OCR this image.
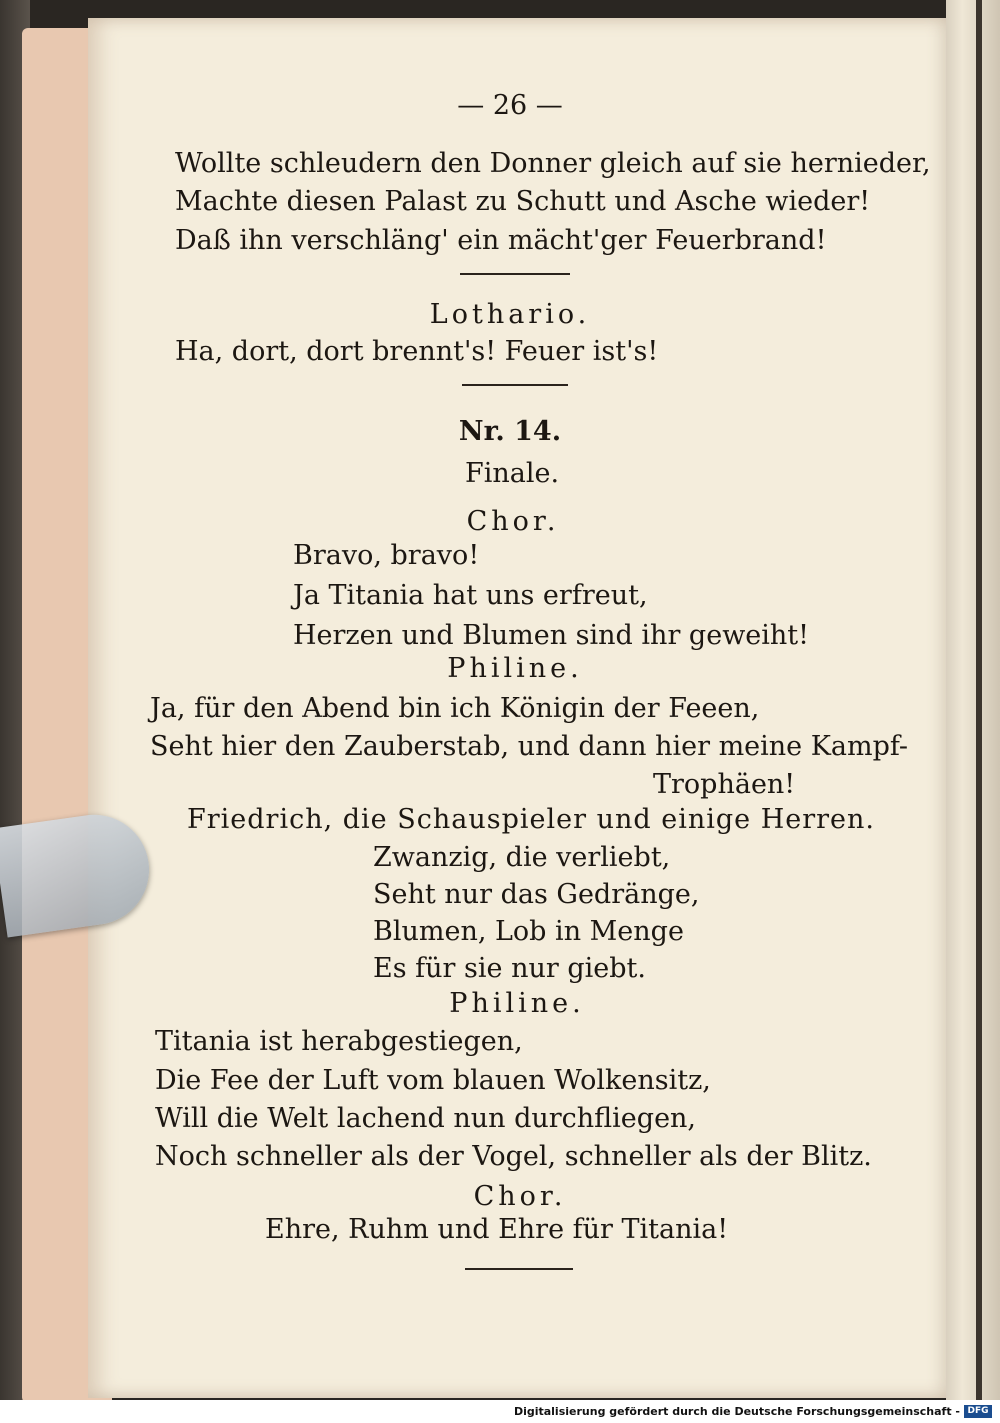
— 26 —
Wollte schleudern den Donner gleich auf sie hernieder,
Machte diesen Palast zu Schutt und Asche wieder!
Daß ihn verschläng' ein mächt'ger Feuerbrand!
Lothario.
Ha, dort, dort brennt's! Feuer ist's!
Nr. 14.
Finale.
Chor.
Bravo, bravo!
Ja Titania hat uns erfreut,
Herzen und Blumen sind ihr geweiht!
Philine.
Ja, für den Abend bin ich Königin der Feeen,
Seht hier den Zauberstab, und dann hier meine Kampf-
Trophäen!
Friedrich, die Schauspieler und einige Herren.
Zwanzig, die verliebt,
Seht nur das Gedränge,
Blumen, Lob in Menge
Es für sie nur giebt.
Philine.
Titania ist herabgestiegen,
Die Fee der Luft vom blauen Wolkensitz,
Will die Welt lachend nun durchfliegen,
Noch schneller als der Vogel, schneller als der Blitz.
Chor.
Ehre, Ruhm und Ehre für Titania!
Digitalisierung gefördert durch die Deutsche Forschungsgemeinschaft - DFG
